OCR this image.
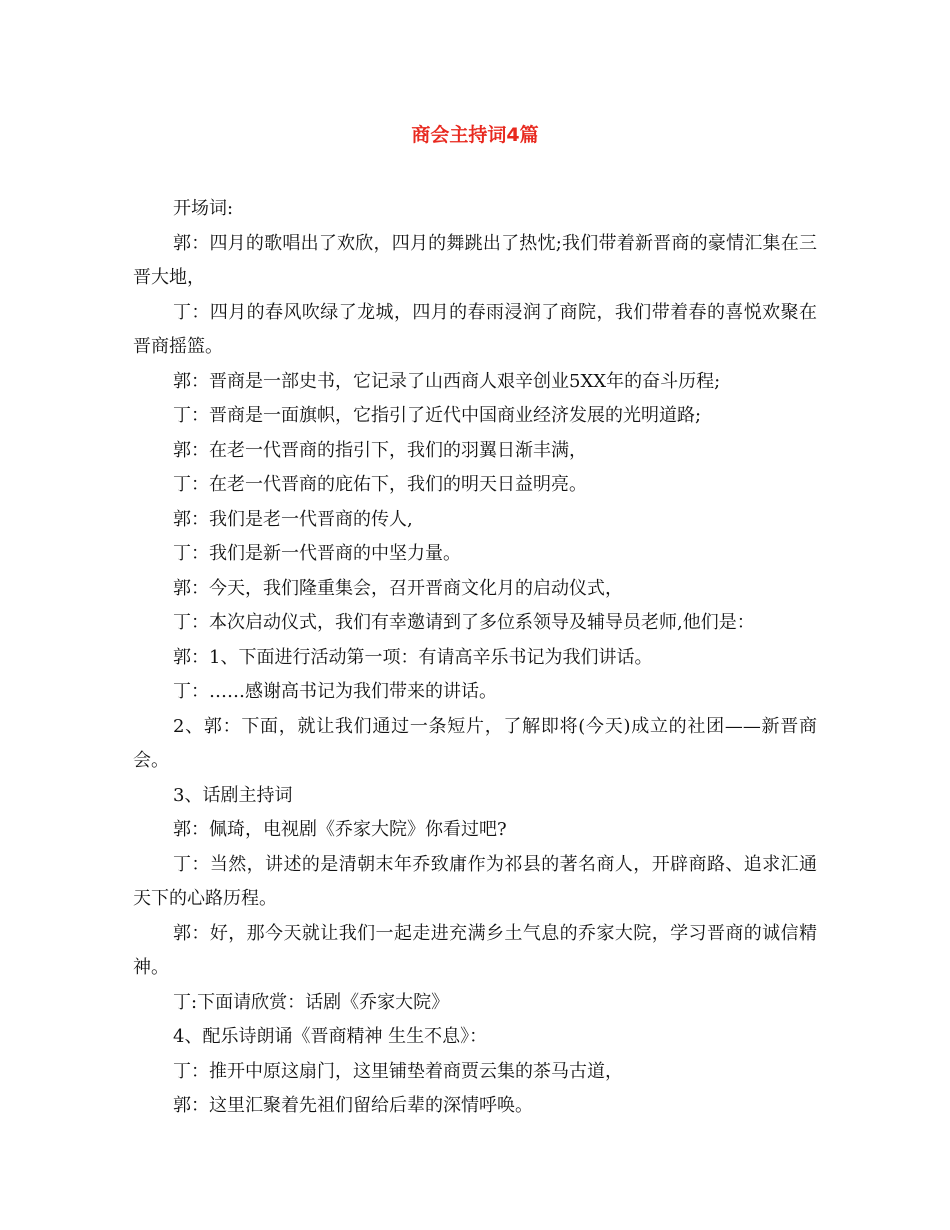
商会主持词4篇

开场词:

郭：四月的歌唱出了欢欣，四月的舞跳出了热忱;我们带着新晋商的豪情汇集在三晋大地，

丁：四月的春风吹绿了龙城，四月的春雨浸润了商院，我们带着春的喜悦欢聚在晋商摇篮。

郭：晋商是一部史书，它记录了山西商人艰辛创业5XX年的奋斗历程;

丁：晋商是一面旗帜，它指引了近代中国商业经济发展的光明道路;

郭：在老一代晋商的指引下，我们的羽翼日渐丰满，

丁：在老一代晋商的庇佑下，我们的明天日益明亮。

郭：我们是老一代晋商的传人,

丁：我们是新一代晋商的中坚力量。

郭：今天，我们隆重集会，召开晋商文化月的启动仪式，

丁：本次启动仪式，我们有幸邀请到了多位系领导及辅导员老师,他们是：

郭：1、下面进行活动第一项：有请高辛乐书记为我们讲话。

丁：……感谢高书记为我们带来的讲话。

2、郭：下面，就让我们通过一条短片，了解即将(今天)成立的社团——新晋商会。

3、话剧主持词

郭：佩琦，电视剧《乔家大院》你看过吧?

丁：当然，讲述的是清朝末年乔致庸作为祁县的著名商人，开辟商路、追求汇通天下的心路历程。

郭：好，那今天就让我们一起走进充满乡土气息的乔家大院，学习晋商的诚信精神。

丁:下面请欣赏：话剧《乔家大院》

4、配乐诗朗诵《晋商精神 生生不息》：

丁：推开中原这扇门，这里铺垫着商贾云集的茶马古道，

郭：这里汇聚着先祖们留给后辈的深情呼唤。
